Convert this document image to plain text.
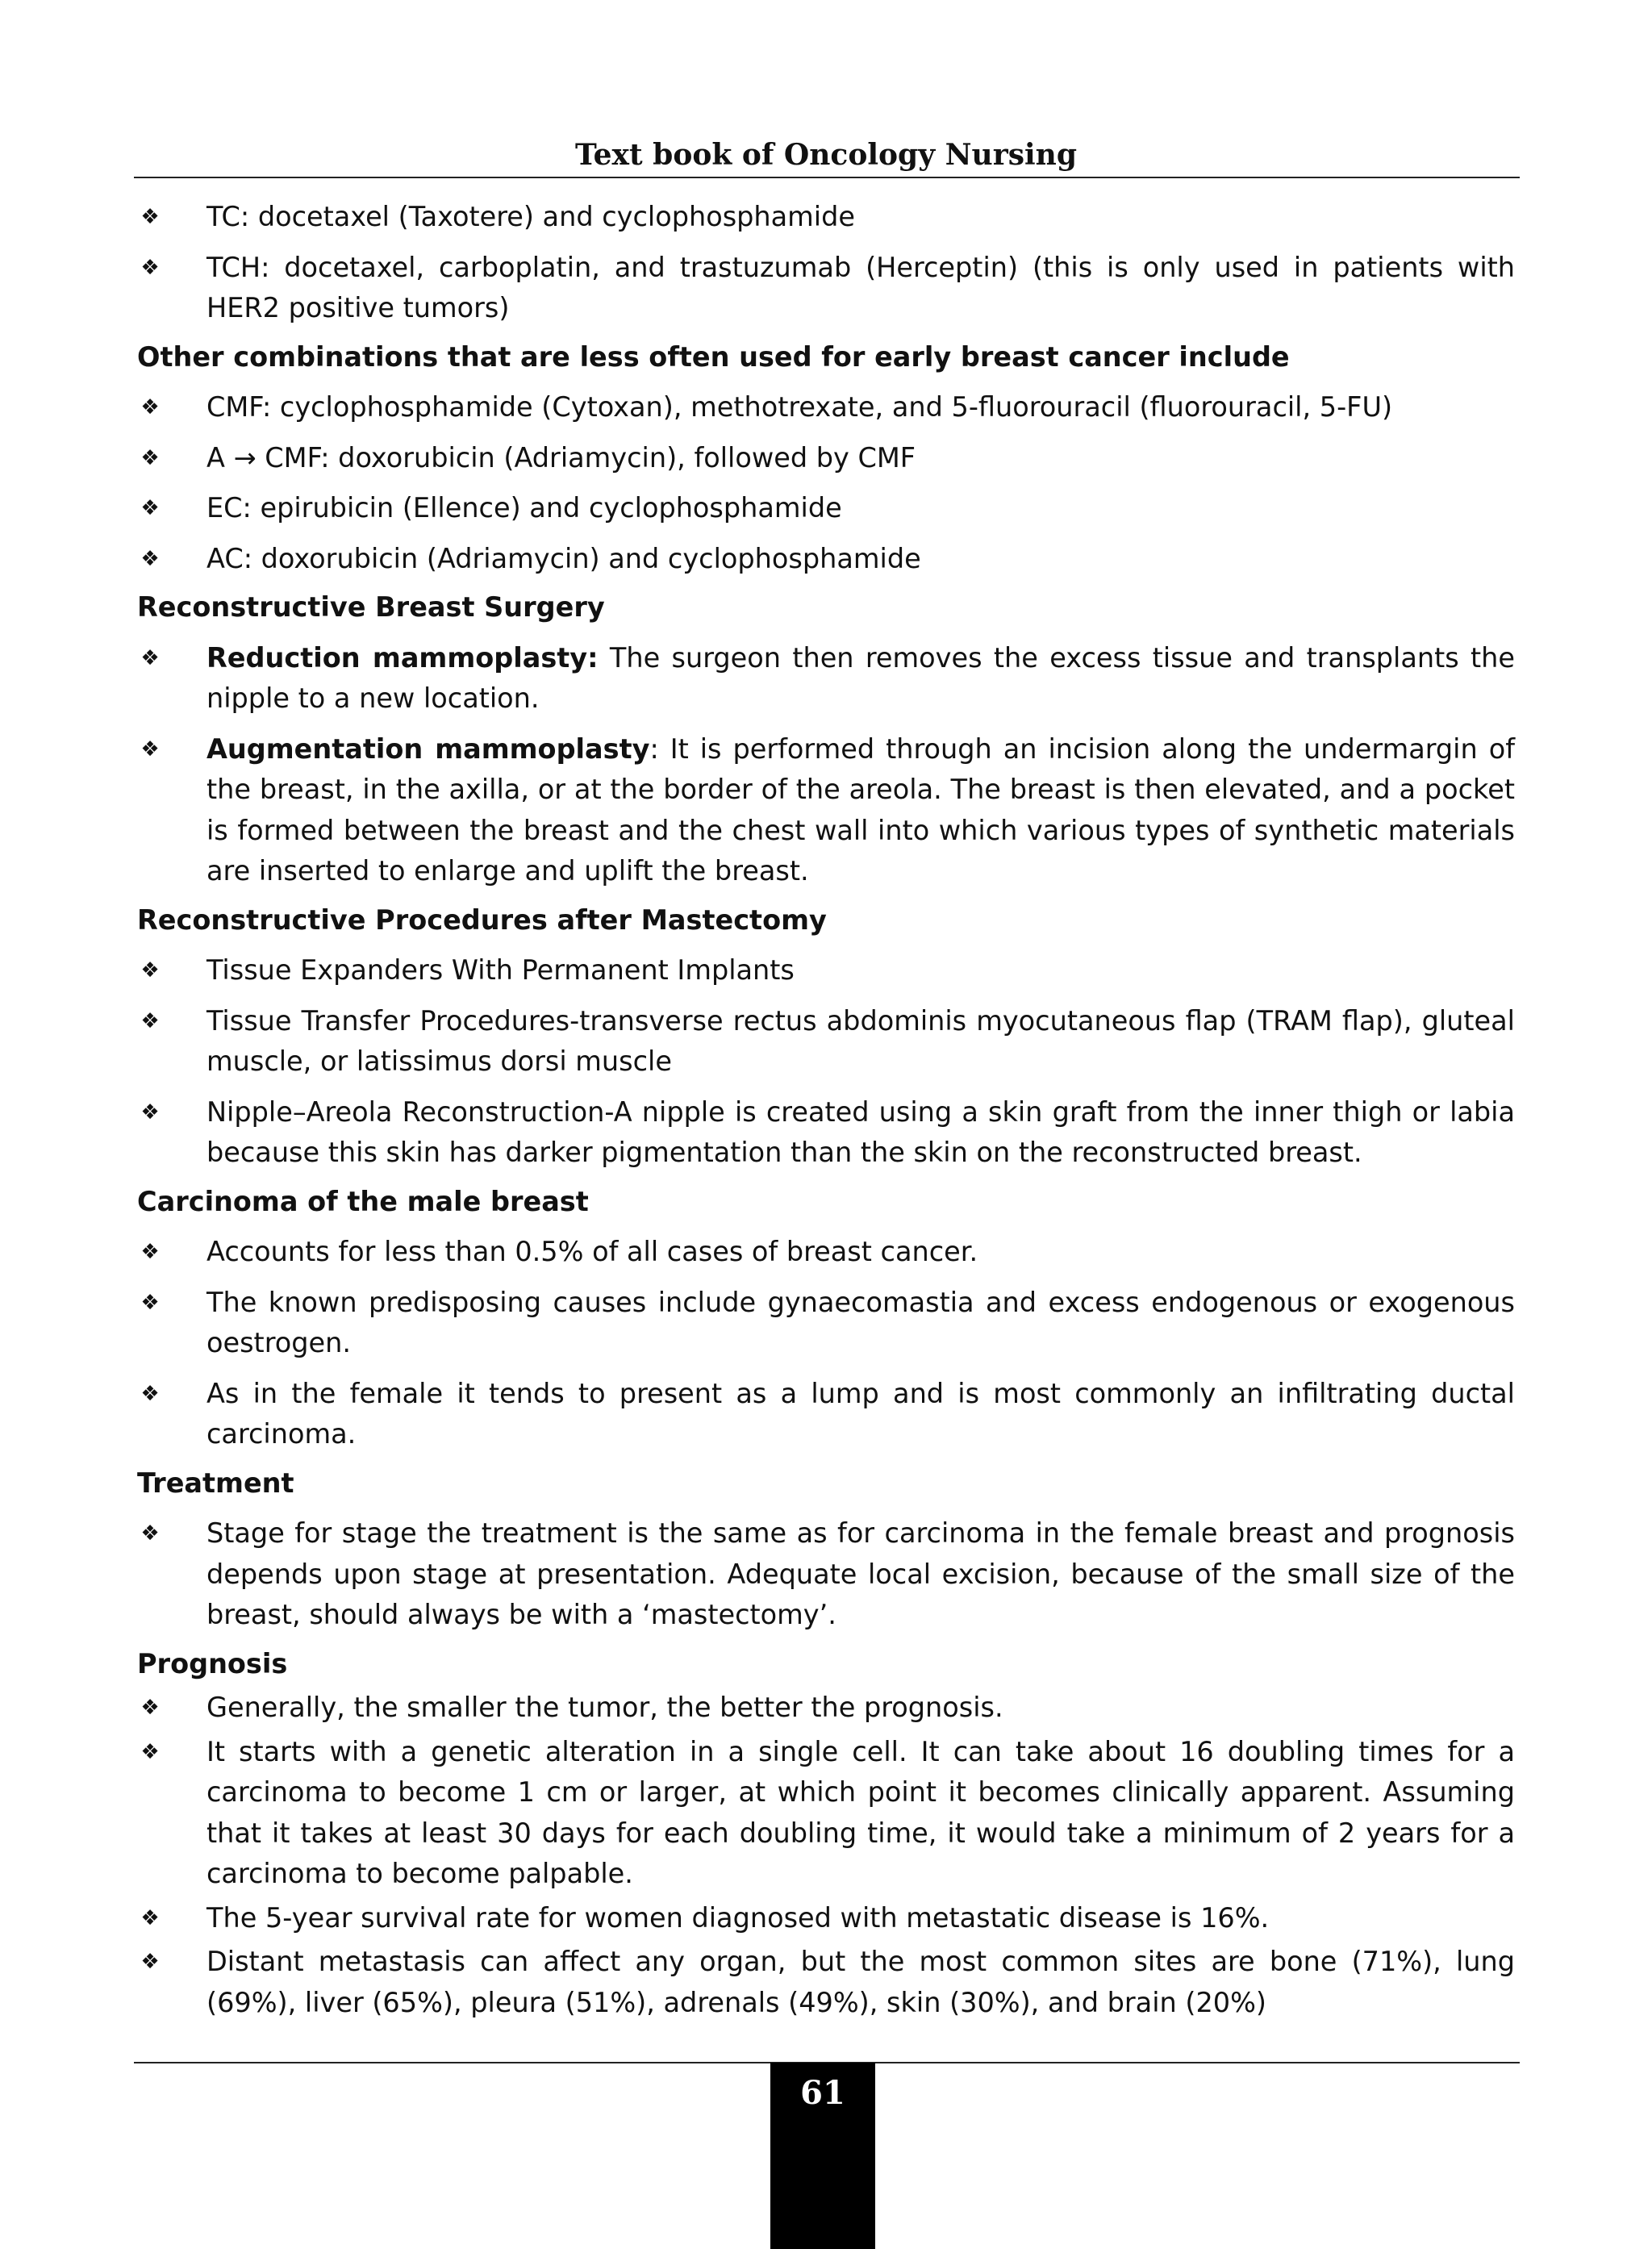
Text book of Oncology Nursing
❖ TC: docetaxel (Taxotere) and cyclophosphamide
❖ TCH: docetaxel, carboplatin, and trastuzumab (Herceptin) (this is only used in patients with HER2 positive tumors)
Other combinations that are less often used for early breast cancer include
❖ CMF: cyclophosphamide (Cytoxan), methotrexate, and 5-fluorouracil (fluorouracil, 5-FU)
❖ A → CMF: doxorubicin (Adriamycin), followed by CMF
❖ EC: epirubicin (Ellence) and cyclophosphamide
❖ AC: doxorubicin (Adriamycin) and cyclophosphamide
Reconstructive Breast Surgery
❖ Reduction mammoplasty: The surgeon then removes the excess tissue and transplants the nipple to a new location.
❖ Augmentation mammoplasty: It is performed through an incision along the undermargin of the breast, in the axilla, or at the border of the areola. The breast is then elevated, and a pocket is formed between the breast and the chest wall into which various types of synthetic materials are inserted to enlarge and uplift the breast.
Reconstructive Procedures after Mastectomy
❖ Tissue Expanders With Permanent Implants
❖ Tissue Transfer Procedures-transverse rectus abdominis myocutaneous flap (TRAM flap), gluteal muscle, or latissimus dorsi muscle
❖ Nipple–Areola Reconstruction-A nipple is created using a skin graft from the inner thigh or labia because this skin has darker pigmentation than the skin on the reconstructed breast.
Carcinoma of the male breast
❖ Accounts for less than 0.5% of all cases of breast cancer.
❖ The known predisposing causes include gynaecomastia and excess endogenous or exogenous oestrogen.
❖ As in the female it tends to present as a lump and is most commonly an infiltrating ductal carcinoma.
Treatment
❖ Stage for stage the treatment is the same as for carcinoma in the female breast and prognosis depends upon stage at presentation. Adequate local excision, because of the small size of the breast, should always be with a ‘mastectomy’.
Prognosis
❖ Generally, the smaller the tumor, the better the prognosis.
❖ It starts with a genetic alteration in a single cell. It can take about 16 doubling times for a carcinoma to become 1 cm or larger, at which point it becomes clinically apparent. Assuming that it takes at least 30 days for each doubling time, it would take a minimum of 2 years for a carcinoma to become palpable.
❖ The 5-year survival rate for women diagnosed with metastatic disease is 16%.
❖ Distant metastasis can affect any organ, but the most common sites are bone (71%), lung (69%), liver (65%), pleura (51%), adrenals (49%), skin (30%), and brain (20%)
61
